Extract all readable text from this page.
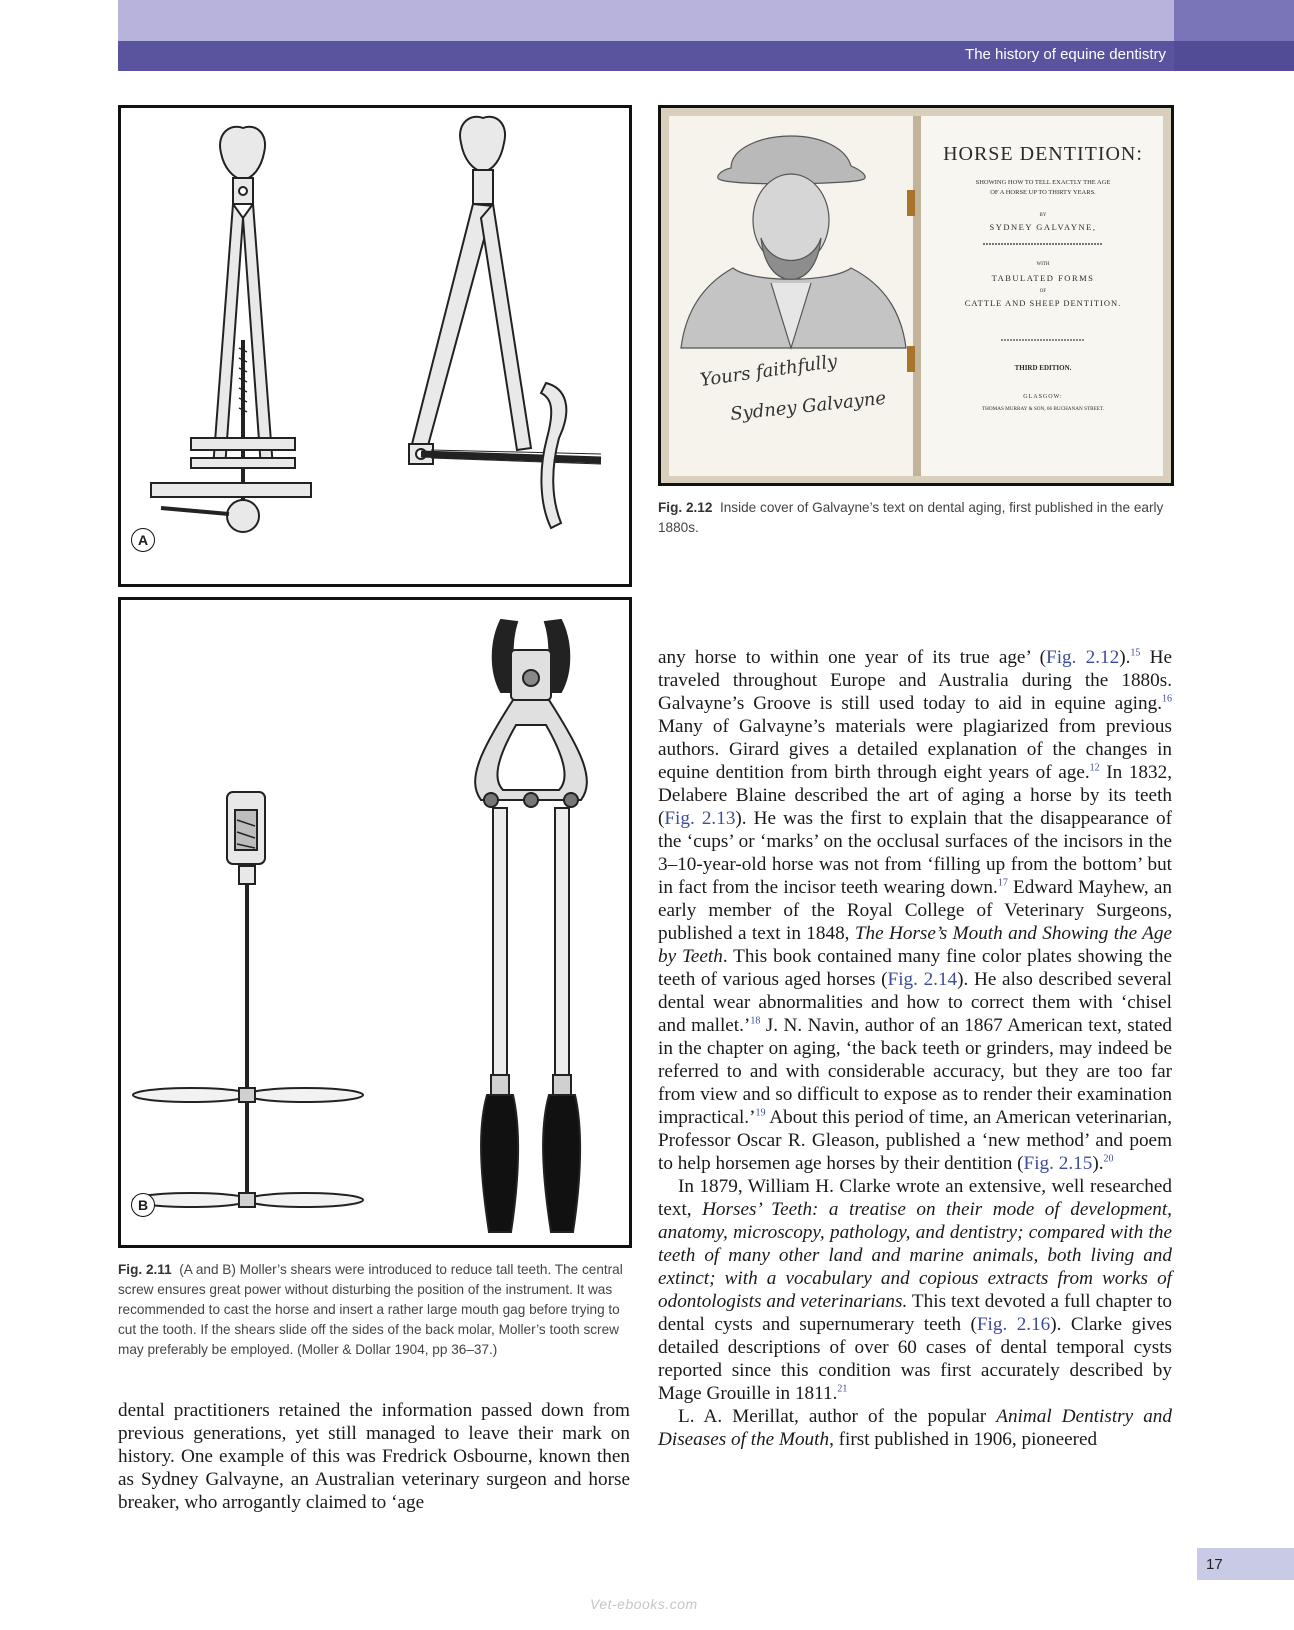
The history of equine dentistry
A
Yours faithfully
Sydney Galvayne
HORSE DENTITION:
SHOWING HOW TO TELL EXACTLY THE AGE
OF A HORSE UP TO THIRTY YEARS.
BY
SYDNEY GALVAYNE,
WITH
TABULATED FORMS
OF
CATTLE AND SHEEP DENTITION.
THIRD EDITION.
GLASGOW:
THOMAS MURRAY & SON, 66 BUCHANAN STREET.
Fig. 2.12 Inside cover of Galvayne’s text on dental aging, first published in the early 1880s.
B
Fig. 2.11 (A and B) Moller’s shears were introduced to reduce tall teeth. The central screw ensures great power without disturbing the position of the instrument. It was recommended to cast the horse and insert a rather large mouth gag before trying to cut the tooth. If the shears slide off the sides of the back molar, Moller’s tooth screw may preferably be employed. (Moller & Dollar 1904, pp 36–37.)
dental practitioners retained the information passed down from previous generations, yet still managed to leave their mark on history. One example of this was Fredrick Osbourne, known then as Sydney Galvayne, an Australian veterinary surgeon and horse breaker, who arrogantly claimed to ‘age

any horse to within one year of its true age’ (Fig. 2.12).$^{15}$ He traveled throughout Europe and Australia during the 1880s. Galvayne’s Groove is still used today to aid in equine aging.$^{16}$ Many of Galvayne’s materials were plagiarized from previous authors. Girard gives a detailed explanation of the changes in equine dentition from birth through eight years of age.$^{12}$ In 1832, Delabere Blaine described the art of aging a horse by its teeth (Fig. 2.13). He was the first to explain that the disappearance of the ‘cups’ or ‘marks’ on the occlusal surfaces of the incisors in the 3–10-year-old horse was not from ‘filling up from the bottom’ but in fact from the incisor teeth wearing down.$^{17}$ Edward Mayhew, an early member of the Royal College of Veterinary Surgeons, published a text in 1848, The Horse’s Mouth and Showing the Age by Teeth. This book contained many fine color plates showing the teeth of various aged horses (Fig. 2.14). He also described several dental wear abnormalities and how to correct them with ‘chisel and mallet.’$^{18}$ J. N. Navin, author of an 1867 American text, stated in the chapter on aging, ‘the back teeth or grinders, may indeed be referred to and with considerable accuracy, but they are too far from view and so difficult to expose as to render their examination impractical.’$^{19}$ About this period of time, an American veterinarian, Professor Oscar R. Gleason, published a ‘new method’ and poem to help horsemen age horses by their dentition (Fig. 2.15).$^{20}$

In 1879, William H. Clarke wrote an extensive, well researched text, Horses’ Teeth: a treatise on their mode of development, anatomy, microscopy, pathology, and dentistry; compared with the teeth of many other land and marine animals, both living and extinct; with a vocabulary and copious extracts from works of odontologists and veterinarians. This text devoted a full chapter to dental cysts and supernumerary teeth (Fig. 2.16). Clarke gives detailed descriptions of over 60 cases of dental temporal cysts reported since this condition was first accurately described by Mage Grouille in 1811.21

L. A. Merillat, author of the popular Animal Dentistry and Diseases of the Mouth, first published in 1906, pioneered

17
Vet-ebooks.com
